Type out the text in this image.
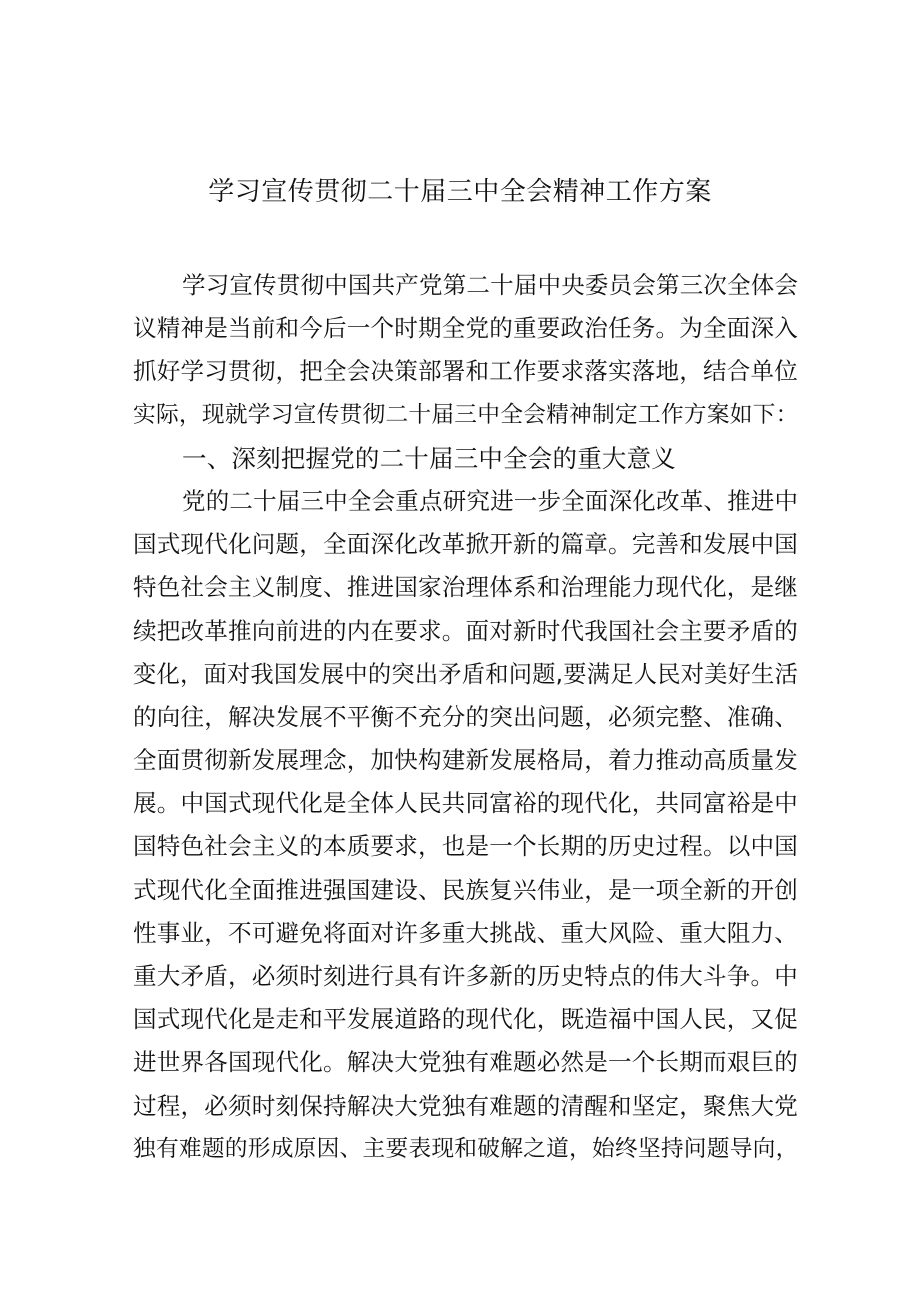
学习宣传贯彻二十届三中全会精神工作方案
学习宣传贯彻中国共产党第二十届中央委员会第三次全体会
议精神是当前和今后一个时期全党的重要政治任务。为全面深入
抓好学习贯彻，把全会决策部署和工作要求落实落地，结合单位
实际，现就学习宣传贯彻二十届三中全会精神制定工作方案如下：
一、深刻把握党的二十届三中全会的重大意义
党的二十届三中全会重点研究进一步全面深化改革、推进中
国式现代化问题，全面深化改革掀开新的篇章。完善和发展中国
特色社会主义制度、推进国家治理体系和治理能力现代化，是继
续把改革推向前进的内在要求。面对新时代我国社会主要矛盾的
变化，面对我国发展中的突出矛盾和问题,要满足人民对美好生活
的向往，解决发展不平衡不充分的突出问题，必须完整、准确、
全面贯彻新发展理念，加快构建新发展格局，着力推动高质量发
展。中国式现代化是全体人民共同富裕的现代化，共同富裕是中
国特色社会主义的本质要求，也是一个长期的历史过程。以中国
式现代化全面推进强国建设、民族复兴伟业，是一项全新的开创
性事业，不可避免将面对许多重大挑战、重大风险、重大阻力、
重大矛盾，必须时刻进行具有许多新的历史特点的伟大斗争。中
国式现代化是走和平发展道路的现代化，既造福中国人民，又促
进世界各国现代化。解决大党独有难题必然是一个长期而艰巨的
过程，必须时刻保持解决大党独有难题的清醒和坚定，聚焦大党
独有难题的形成原因、主要表现和破解之道，始终坚持问题导向，
